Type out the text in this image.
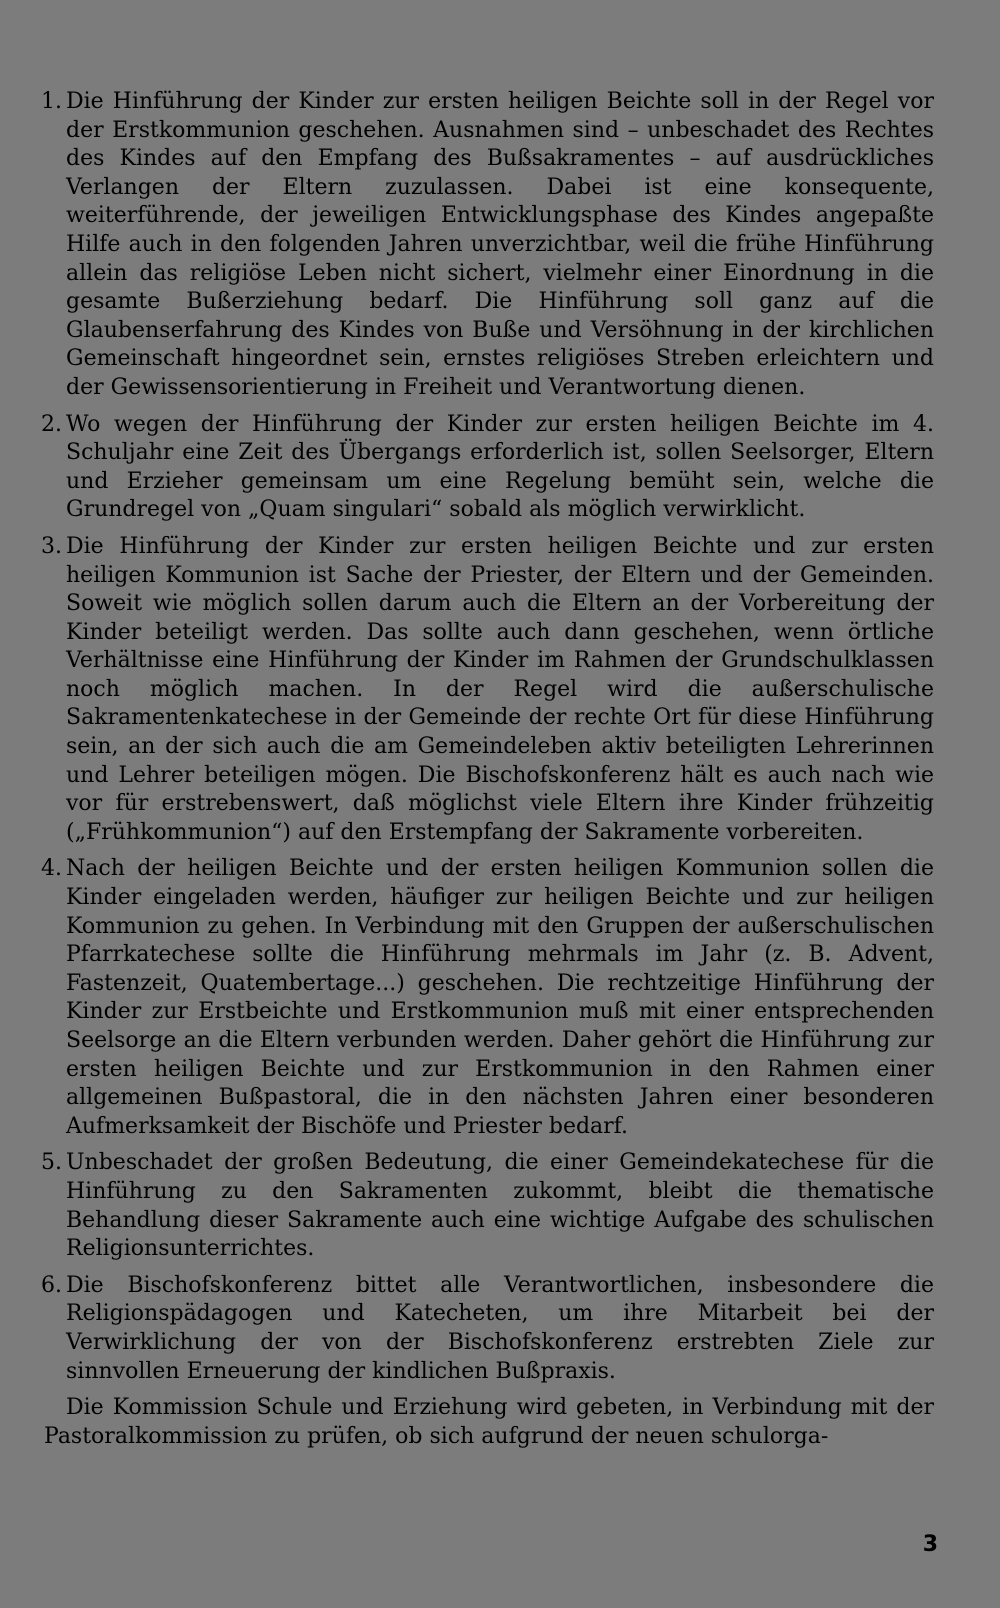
1. Die Hinführung der Kinder zur ersten heiligen Beichte soll in der Regel vor der Erstkommunion geschehen. Ausnahmen sind – unbeschadet des Rechtes des Kindes auf den Empfang des Bußsakramentes – auf ausdrückliches Verlangen der Eltern zuzulassen. Dabei ist eine konsequente, weiterführende, der jeweiligen Entwicklungsphase des Kindes angepaßte Hilfe auch in den folgenden Jahren unverzichtbar, weil die frühe Hinführung allein das religiöse Leben nicht sichert, vielmehr einer Einordnung in die gesamte Bußerziehung bedarf. Die Hinführung soll ganz auf die Glaubenserfahrung des Kindes von Buße und Versöhnung in der kirchlichen Gemeinschaft hingeordnet sein, ernstes religiöses Streben erleichtern und der Gewissensorientierung in Freiheit und Verantwortung dienen.
2. Wo wegen der Hinführung der Kinder zur ersten heiligen Beichte im 4. Schuljahr eine Zeit des Übergangs erforderlich ist, sollen Seelsorger, Eltern und Erzieher gemeinsam um eine Regelung bemüht sein, welche die Grundregel von „Quam singulari“ sobald als möglich verwirklicht.
3. Die Hinführung der Kinder zur ersten heiligen Beichte und zur ersten heiligen Kommunion ist Sache der Priester, der Eltern und der Gemeinden. Soweit wie möglich sollen darum auch die Eltern an der Vorbereitung der Kinder beteiligt werden. Das sollte auch dann geschehen, wenn örtliche Verhältnisse eine Hinführung der Kinder im Rahmen der Grundschulklassen noch möglich machen. In der Regel wird die außerschulische Sakramentenkatechese in der Gemeinde der rechte Ort für diese Hinführung sein, an der sich auch die am Gemeindeleben aktiv beteiligten Lehrerinnen und Lehrer beteiligen mögen. Die Bischofskonferenz hält es auch nach wie vor für erstrebenswert, daß möglichst viele Eltern ihre Kinder frühzeitig („Frühkommunion“) auf den Erstempfang der Sakramente vorbereiten.
4. Nach der heiligen Beichte und der ersten heiligen Kommunion sollen die Kinder eingeladen werden, häufiger zur heiligen Beichte und zur heiligen Kommunion zu gehen. In Verbindung mit den Gruppen der außerschulischen Pfarrkatechese sollte die Hinführung mehrmals im Jahr (z. B. Advent, Fastenzeit, Quatembertage...) geschehen. Die rechtzeitige Hinführung der Kinder zur Erstbeichte und Erstkommunion muß mit einer entsprechenden Seelsorge an die Eltern verbunden werden. Daher gehört die Hinführung zur ersten heiligen Beichte und zur Erstkommunion in den Rahmen einer allgemeinen Bußpastoral, die in den nächsten Jahren einer besonderen Aufmerksamkeit der Bischöfe und Priester bedarf.
5. Unbeschadet der großen Bedeutung, die einer Gemeindekatechese für die Hinführung zu den Sakramenten zukommt, bleibt die thematische Behandlung dieser Sakramente auch eine wichtige Aufgabe des schulischen Religionsunterrichtes.
6. Die Bischofskonferenz bittet alle Verantwortlichen, insbesondere die Religionspädagogen und Katecheten, um ihre Mitarbeit bei der Verwirklichung der von der Bischofskonferenz erstrebten Ziele zur sinnvollen Erneuerung der kindlichen Bußpraxis.

Die Kommission Schule und Erziehung wird gebeten, in Verbindung mit der Pastoralkommission zu prüfen, ob sich aufgrund der neuen schulorga-

3
